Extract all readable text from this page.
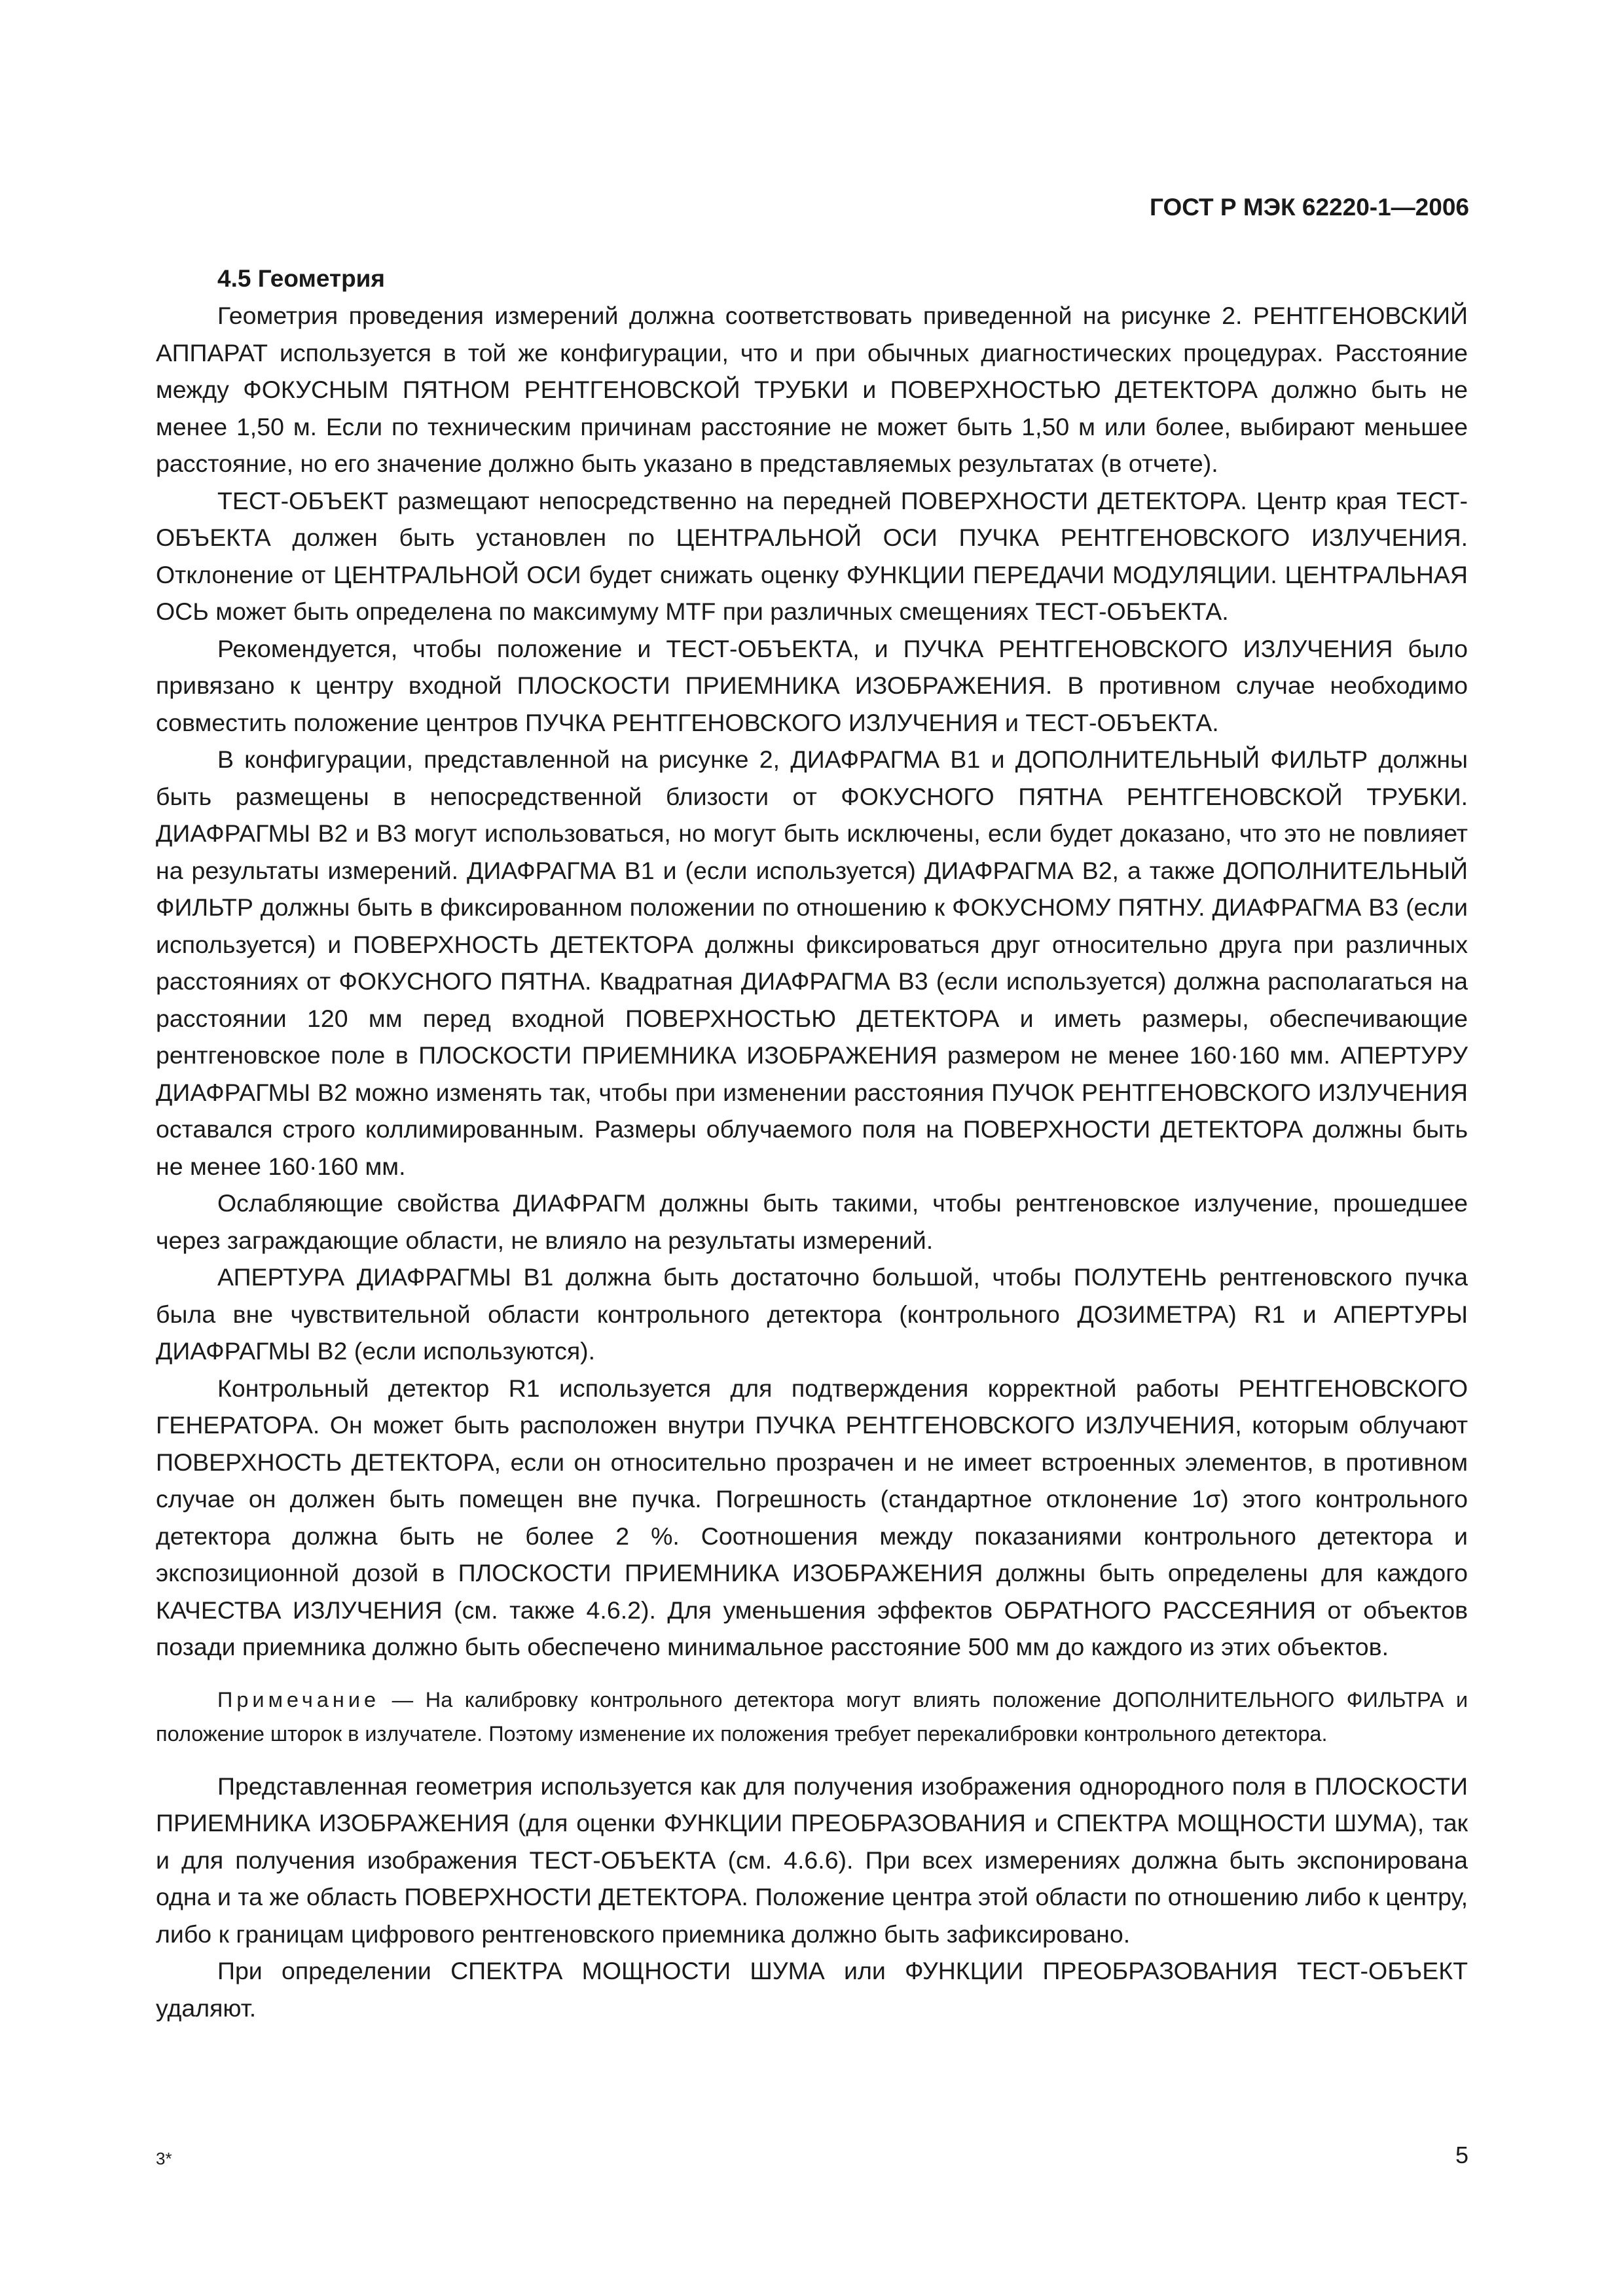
ГОСТ Р МЭК 62220-1—2006
4.5 Геометрия

Геометрия проведения измерений должна соответствовать приведенной на рисунке 2. РЕНТГЕНОВСКИЙ АППАРАТ используется в той же конфигурации, что и при обычных диагностических процедурах. Расстояние между ФОКУСНЫМ ПЯТНОМ РЕНТГЕНОВСКОЙ ТРУБКИ и ПОВЕРХНОСТЬЮ ДЕТЕКТОРА должно быть не менее 1,50 м. Если по техническим причинам расстояние не может быть 1,50 м или более, выбирают меньшее расстояние, но его значение должно быть указано в представляемых результатах (в отчете).

ТЕСТ-ОБЪЕКТ размещают непосредственно на передней ПОВЕРХНОСТИ ДЕТЕКТОРА. Центр края ТЕСТ-ОБЪЕКТА должен быть установлен по ЦЕНТРАЛЬНОЙ ОСИ ПУЧКА РЕНТГЕНОВСКОГО ИЗЛУЧЕНИЯ. Отклонение от ЦЕНТРАЛЬНОЙ ОСИ будет снижать оценку ФУНКЦИИ ПЕРЕДАЧИ МОДУЛЯЦИИ. ЦЕНТРАЛЬНАЯ ОСЬ может быть определена по максимуму MTF при различных смещениях ТЕСТ-ОБЪЕКТА.

Рекомендуется, чтобы положение и ТЕСТ-ОБЪЕКТА, и ПУЧКА РЕНТГЕНОВСКОГО ИЗЛУЧЕНИЯ было привязано к центру входной ПЛОСКОСТИ ПРИЕМНИКА ИЗОБРАЖЕНИЯ. В противном случае необходимо совместить положение центров ПУЧКА РЕНТГЕНОВСКОГО ИЗЛУЧЕНИЯ и ТЕСТ-ОБЪЕКТА.

В конфигурации, представленной на рисунке 2, ДИАФРАГМА B1 и ДОПОЛНИТЕЛЬНЫЙ ФИЛЬТР должны быть размещены в непосредственной близости от ФОКУСНОГО ПЯТНА РЕНТГЕНОВСКОЙ ТРУБКИ. ДИАФРАГМЫ B2 и B3 могут использоваться, но могут быть исключены, если будет доказано, что это не повлияет на результаты измерений. ДИАФРАГМА B1 и (если используется) ДИАФРАГМА B2, а также ДОПОЛНИТЕЛЬНЫЙ ФИЛЬТР должны быть в фиксированном положении по отношению к ФОКУСНОМУ ПЯТНУ. ДИАФРАГМА B3 (если используется) и ПОВЕРХНОСТЬ ДЕТЕКТОРА должны фиксироваться друг относительно друга при различных расстояниях от ФОКУСНОГО ПЯТНА. Квадратная ДИАФРАГМА B3 (если используется) должна располагаться на расстоянии 120 мм перед входной ПОВЕРХНОСТЬЮ ДЕТЕКТОРА и иметь размеры, обеспечивающие рентгеновское поле в ПЛОСКОСТИ ПРИЕМНИКА ИЗОБРАЖЕНИЯ размером не менее 160·160 мм. АПЕРТУРУ ДИАФРАГМЫ B2 можно изменять так, чтобы при изменении расстояния ПУЧОК РЕНТГЕНОВСКОГО ИЗЛУЧЕНИЯ оставался строго коллимированным. Размеры облучаемого поля на ПОВЕРХНОСТИ ДЕТЕКТОРА должны быть не менее 160·160 мм.

Ослабляющие свойства ДИАФРАГМ должны быть такими, чтобы рентгеновское излучение, прошедшее через заграждающие области, не влияло на результаты измерений.

АПЕРТУРА ДИАФРАГМЫ B1 должна быть достаточно большой, чтобы ПОЛУТЕНЬ рентгеновского пучка была вне чувствительной области контрольного детектора (контрольного ДОЗИМЕТРА) R1 и АПЕРТУРЫ ДИАФРАГМЫ B2 (если используются).

Контрольный детектор R1 используется для подтверждения корректной работы РЕНТГЕНОВСКОГО ГЕНЕРАТОРА. Он может быть расположен внутри ПУЧКА РЕНТГЕНОВСКОГО ИЗЛУЧЕНИЯ, которым облучают ПОВЕРХНОСТЬ ДЕТЕКТОРА, если он относительно прозрачен и не имеет встроенных элементов, в противном случае он должен быть помещен вне пучка. Погрешность (стандартное отклонение 1σ) этого контрольного детектора должна быть не более 2 %. Соотношения между показаниями контрольного детектора и экспозиционной дозой в ПЛОСКОСТИ ПРИЕМНИКА ИЗОБРАЖЕНИЯ должны быть определены для каждого КАЧЕСТВА ИЗЛУЧЕНИЯ (см. также 4.6.2). Для уменьшения эффектов ОБРАТНОГО РАССЕЯНИЯ от объектов позади приемника должно быть обеспечено минимальное расстояние 500 мм до каждого из этих объектов.

Примечание — На калибровку контрольного детектора могут влиять положение ДОПОЛНИТЕЛЬНОГО ФИЛЬТРА и положение шторок в излучателе. Поэтому изменение их положения требует перекалибровки контрольного детектора.

Представленная геометрия используется как для получения изображения однородного поля в ПЛОСКОСТИ ПРИЕМНИКА ИЗОБРАЖЕНИЯ (для оценки ФУНКЦИИ ПРЕОБРАЗОВАНИЯ и СПЕКТРА МОЩНОСТИ ШУМА), так и для получения изображения ТЕСТ-ОБЪЕКТА (см. 4.6.6). При всех измерениях должна быть экспонирована одна и та же область ПОВЕРХНОСТИ ДЕТЕКТОРА. Положение центра этой области по отношению либо к центру, либо к границам цифрового рентгеновского приемника должно быть зафиксировано.

При определении СПЕКТРА МОЩНОСТИ ШУМА или ФУНКЦИИ ПРЕОБРАЗОВАНИЯ ТЕСТ-ОБЪЕКТ удаляют.

3*	5
